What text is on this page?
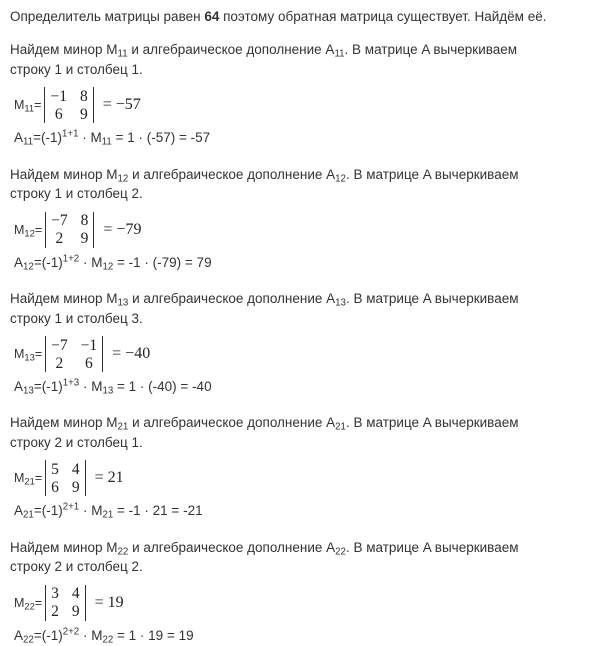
Определитель матрицы равен 64 поэтому обратная матрица существует. Найдём её.

Найдем минор $M_{11}$ и алгебраическое дополнение $A_{11}$. В матрице A вычеркиваем
строку 1 и столбец 1.

$M_{11}=$
−1 8
6 9
= −57

$A_{11}=(-1)^{1+1} \cdot M_{11} = 1 \cdot (-57) = -57$

Найдем минор $M_{12}$ и алгебраическое дополнение $A_{12}$. В матрице A вычеркиваем
строку 1 и столбец 2.

$M_{12}=$
−7 8
2 9
= −79

$A_{12}=(-1)^{1+2} \cdot M_{12} = -1 \cdot (-79) = 79$

Найдем минор $M_{13}$ и алгебраическое дополнение $A_{13}$. В матрице A вычеркиваем
строку 1 и столбец 3.

$M_{13}=$
−7 −1
2 6
= −40

$A_{13}=(-1)^{1+3} \cdot M_{13} = 1 \cdot (-40) = -40$

Найдем минор $M_{21}$ и алгебраическое дополнение $A_{21}$. В матрице A вычеркиваем
строку 2 и столбец 1.

$M_{21}=$
5 4
6 9
= 21

$A_{21}=(-1)^{2+1} \cdot M_{21} = -1 \cdot 21 = -21$

Найдем минор $M_{22}$ и алгебраическое дополнение $A_{22}$. В матрице A вычеркиваем
строку 2 и столбец 2.

$M_{22}=$
3 4
2 9
= 19

$A_{22}=(-1)^{2+2} \cdot M_{22} = 1 \cdot 19 = 19$
